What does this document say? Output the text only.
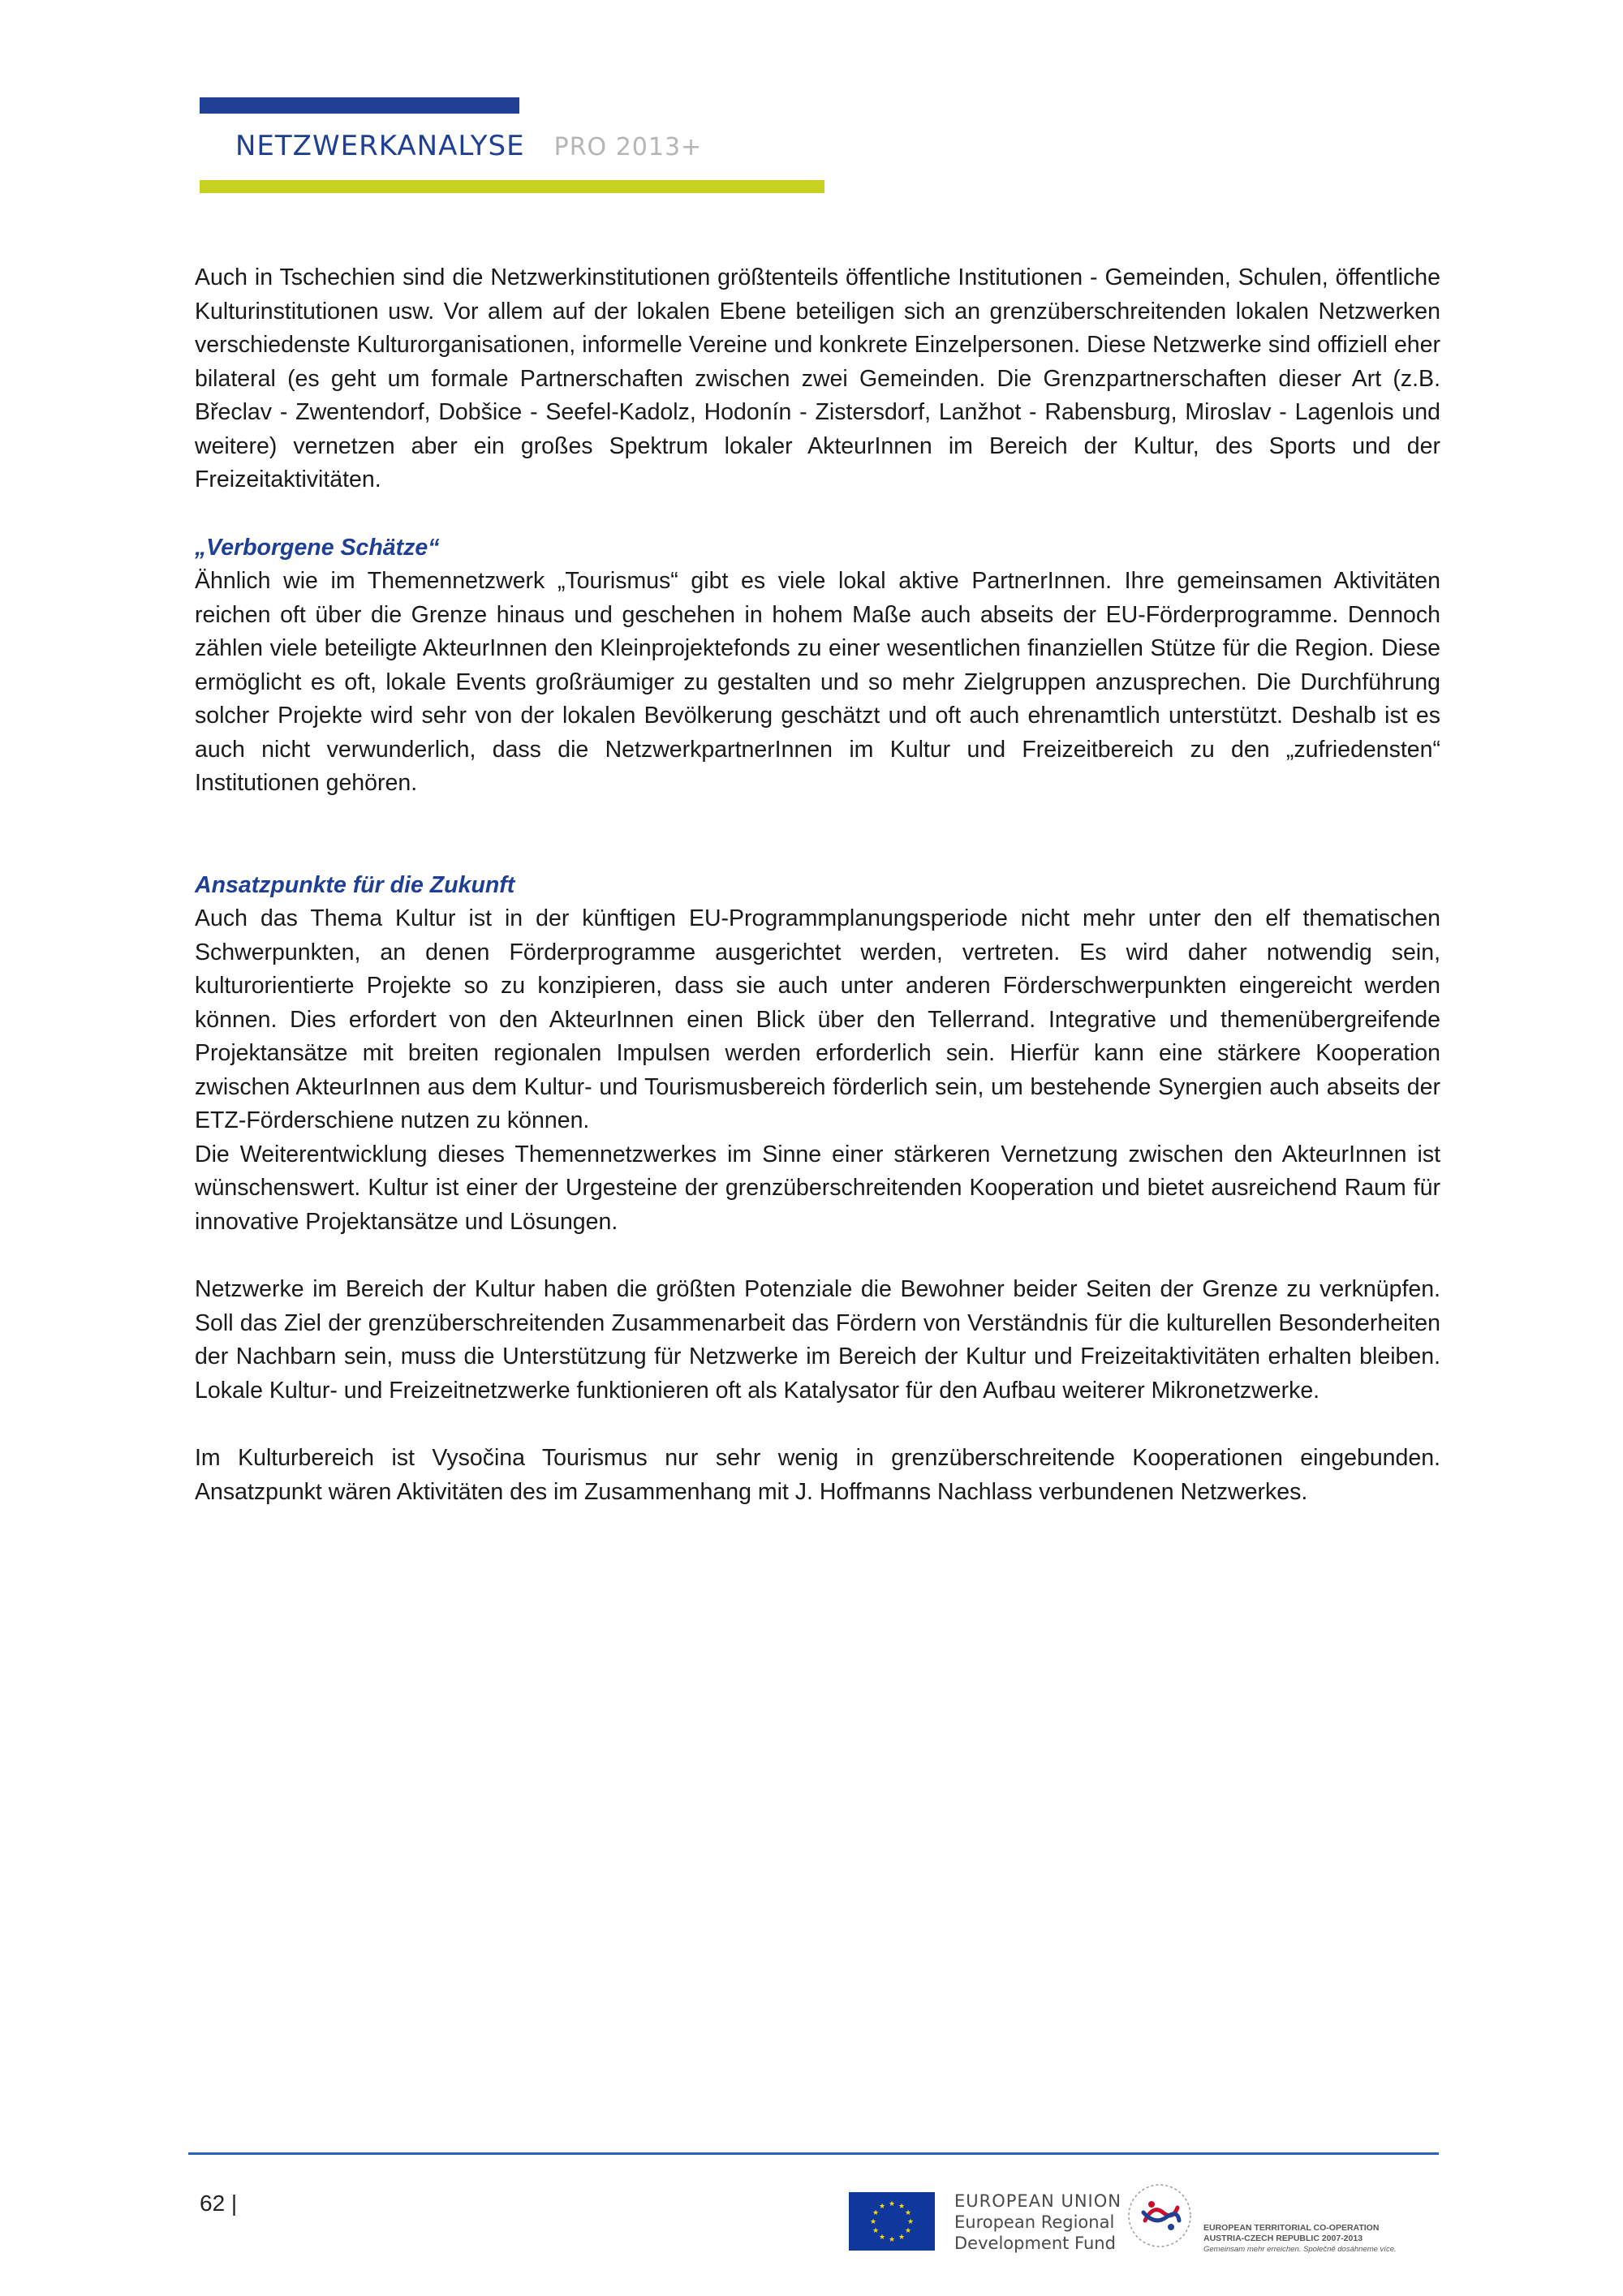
NETZWERKANALYSE PRO 2013+

Auch in Tschechien sind die Netzwerkinstitutionen größtenteils öffentliche Institutionen - Gemeinden, Schulen, öffentliche Kulturinstitutionen usw. Vor allem auf der lokalen Ebene beteiligen sich an grenzüberschreitenden lokalen Netzwerken verschiedenste Kulturorganisationen, informelle Vereine und konkrete Einzelpersonen. Diese Netzwerke sind offiziell eher bilateral (es geht um formale Partnerschaften zwischen zwei Gemeinden. Die Grenzpartnerschaften dieser Art (z.B. Břeclav - Zwentendorf, Dobšice - Seefel-Kadolz, Hodonín - Zistersdorf, Lanžhot - Rabensburg, Miroslav - Lagenlois und weitere) vernetzen aber ein großes Spektrum lokaler AkteurInnen im Bereich der Kultur, des Sports und der Freizeitaktivitäten.

„Verborgene Schätze“

Ähnlich wie im Themennetzwerk „Tourismus“ gibt es viele lokal aktive PartnerInnen. Ihre gemeinsamen Aktivitäten reichen oft über die Grenze hinaus und geschehen in hohem Maße auch abseits der EU-Förderprogramme. Dennoch zählen viele beteiligte AkteurInnen den Kleinprojektefonds zu einer wesentlichen finanziellen Stütze für die Region. Diese ermöglicht es oft, lokale Events großräumiger zu gestalten und so mehr Zielgruppen anzusprechen. Die Durchführung solcher Projekte wird sehr von der lokalen Bevölkerung geschätzt und oft auch ehrenamtlich unterstützt. Deshalb ist es auch nicht verwunderlich, dass die NetzwerkpartnerInnen im Kultur und Freizeitbereich zu den „zufriedensten“ Institutionen gehören.

Ansatzpunkte für die Zukunft

Auch das Thema Kultur ist in der künftigen EU-Programmplanungsperiode nicht mehr unter den elf thematischen Schwerpunkten, an denen Förderprogramme ausgerichtet werden, vertreten. Es wird daher notwendig sein, kulturorientierte Projekte so zu konzipieren, dass sie auch unter anderen Förderschwerpunkten eingereicht werden können. Dies erfordert von den AkteurInnen einen Blick über den Tellerrand. Integrative und themenübergreifende Projektansätze mit breiten regionalen Impulsen werden erforderlich sein. Hierfür kann eine stärkere Kooperation zwischen AkteurInnen aus dem Kultur- und Tourismusbereich förderlich sein, um bestehende Synergien auch abseits der ETZ-Förderschiene nutzen zu können.

Die Weiterentwicklung dieses Themennetzwerkes im Sinne einer stärkeren Vernetzung zwischen den AkteurInnen ist wünschenswert. Kultur ist einer der Urgesteine der grenzüberschreitenden Kooperation und bietet ausreichend Raum für innovative Projektansätze und Lösungen.

Netzwerke im Bereich der Kultur haben die größten Potenziale die Bewohner beider Seiten der Grenze zu verknüpfen. Soll das Ziel der grenzüberschreitenden Zusammenarbeit das Fördern von Verständnis für die kulturellen Besonderheiten der Nachbarn sein, muss die Unterstützung für Netzwerke im Bereich der Kultur und Freizeitaktivitäten erhalten bleiben. Lokale Kultur- und Freizeitnetzwerke funktionieren oft als Katalysator für den Aufbau weiterer Mikronetzwerke.

Im Kulturbereich ist Vysočina Tourismus nur sehr wenig in grenzüberschreitende Kooperationen eingebunden. Ansatzpunkt wären Aktivitäten des im Zusammenhang mit J. Hoffmanns Nachlass verbundenen Netzwerkes.

62 |	★ ★
★
★
★
★
★
★
★
★
★
★	EUROPEAN UNION
European Regional
Development Fund
EUROPEAN TERRITORIAL CO-OPERATION
AUSTRIA-CZECH REPUBLIC 2007-2013
Gemeinsam mehr erreichen. Společně dosáhneme více.
